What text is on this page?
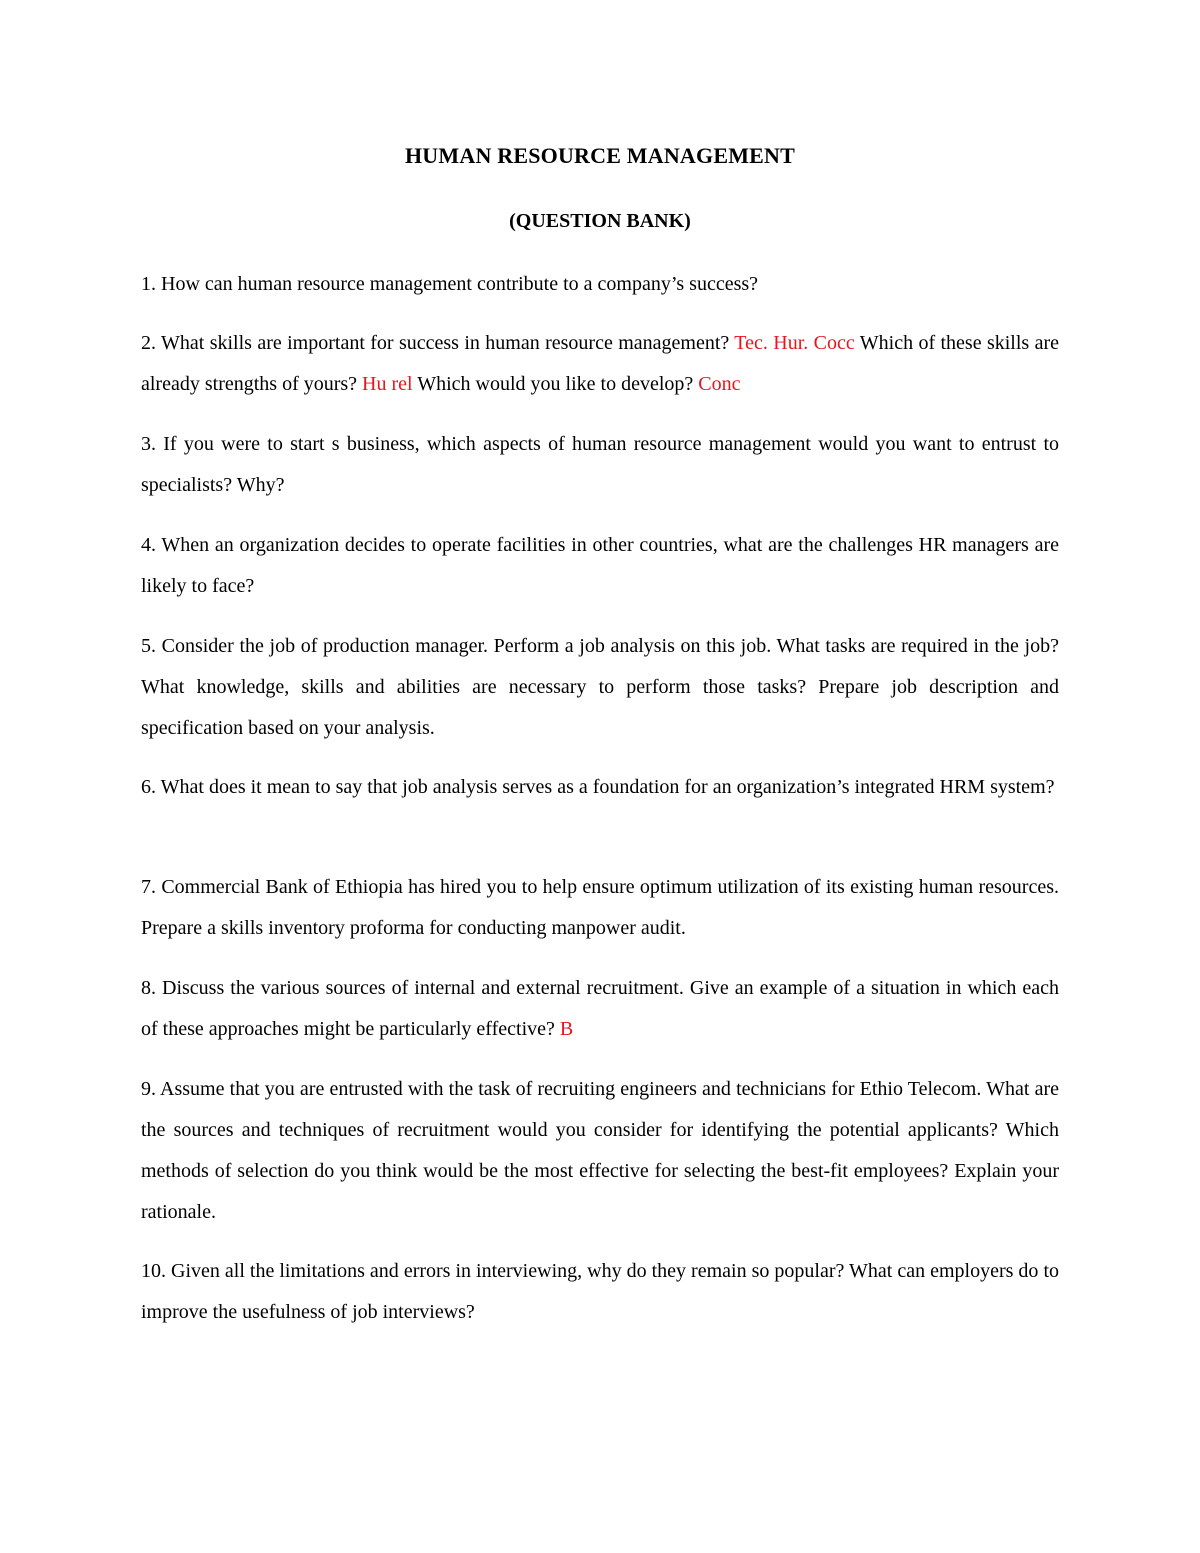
HUMAN RESOURCE MANAGEMENT
(QUESTION BANK)

1. How can human resource management contribute to a company’s success?

2. What skills are important for success in human resource management? Tec. Hur. Cocc Which of these skills are already strengths of yours? Hu rel Which would you like to develop? Conc

3. If you were to start s business, which aspects of human resource management would you want to entrust to specialists? Why?

4. When an organization decides to operate facilities in other countries, what are the challenges HR managers are likely to face?

5. Consider the job of production manager. Perform a job analysis on this job. What tasks are required in the job? What knowledge, skills and abilities are necessary to perform those tasks? Prepare job description and specification based on your analysis.

6. What does it mean to say that job analysis serves as a foundation for an organization’s integrated HRM system?

7. Commercial Bank of Ethiopia has hired you to help ensure optimum utilization of its existing human resources. Prepare a skills inventory proforma for conducting manpower audit.

8. Discuss the various sources of internal and external recruitment. Give an example of a situation in which each of these approaches might be particularly effective? B

9. Assume that you are entrusted with the task of recruiting engineers and technicians for Ethio Telecom. What are the sources and techniques of recruitment would you consider for identifying the potential applicants? Which methods of selection do you think would be the most effective for selecting the best-fit employees? Explain your rationale.

10. Given all the limitations and errors in interviewing, why do they remain so popular? What can employers do to improve the usefulness of job interviews?
